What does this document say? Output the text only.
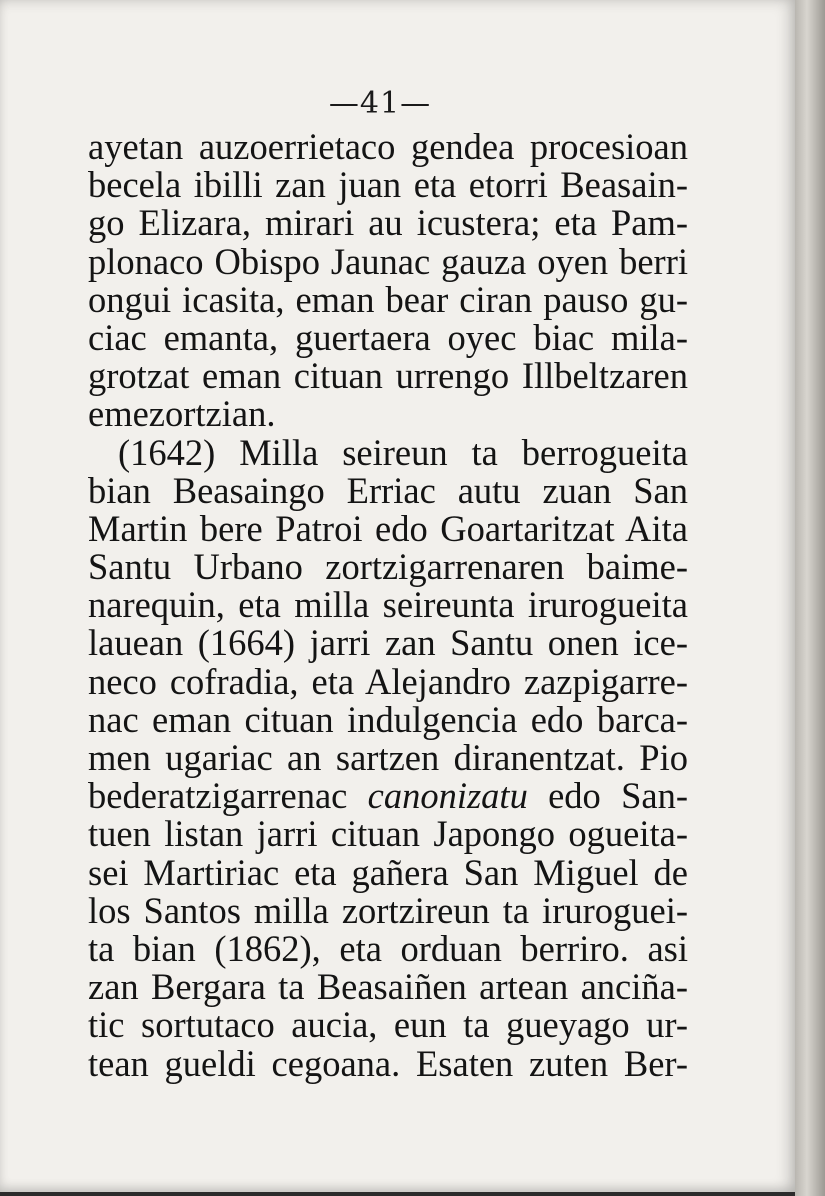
—41—
ayetan auzoerrietaco gendea procesioan
becela ibilli zan juan eta etorri Beasain-
go Elizara, mirari au icustera; eta Pam-
plonaco Obispo Jaunac gauza oyen berri
ongui icasita, eman bear ciran pauso gu-
ciac emanta, guertaera oyec biac mila-
grotzat eman cituan urrengo Illbeltzaren
emezortzian.
(1642) Milla seireun ta berrogueita
bian Beasaingo Erriac autu zuan San
Martin bere Patroi edo Goartaritzat Aita
Santu Urbano zortzigarrenaren baime-
narequin, eta milla seireunta irurogueita
lauean (1664) jarri zan Santu onen ice-
neco cofradia, eta Alejandro zazpigarre-
nac eman cituan indulgencia edo barca-
men ugariac an sartzen diranentzat. Pio
bederatzigarrenac canonizatu edo San-
tuen listan jarri cituan Japongo ogueita-
sei Martiriac eta gañera San Miguel de
los Santos milla zortzireun ta iruroguei-
ta bian (1862), eta orduan berriro. asi
zan Bergara ta Beasaiñen artean anciña-
tic sortutaco aucia, eun ta gueyago ur-
tean gueldi cegoana. Esaten zuten Ber-
